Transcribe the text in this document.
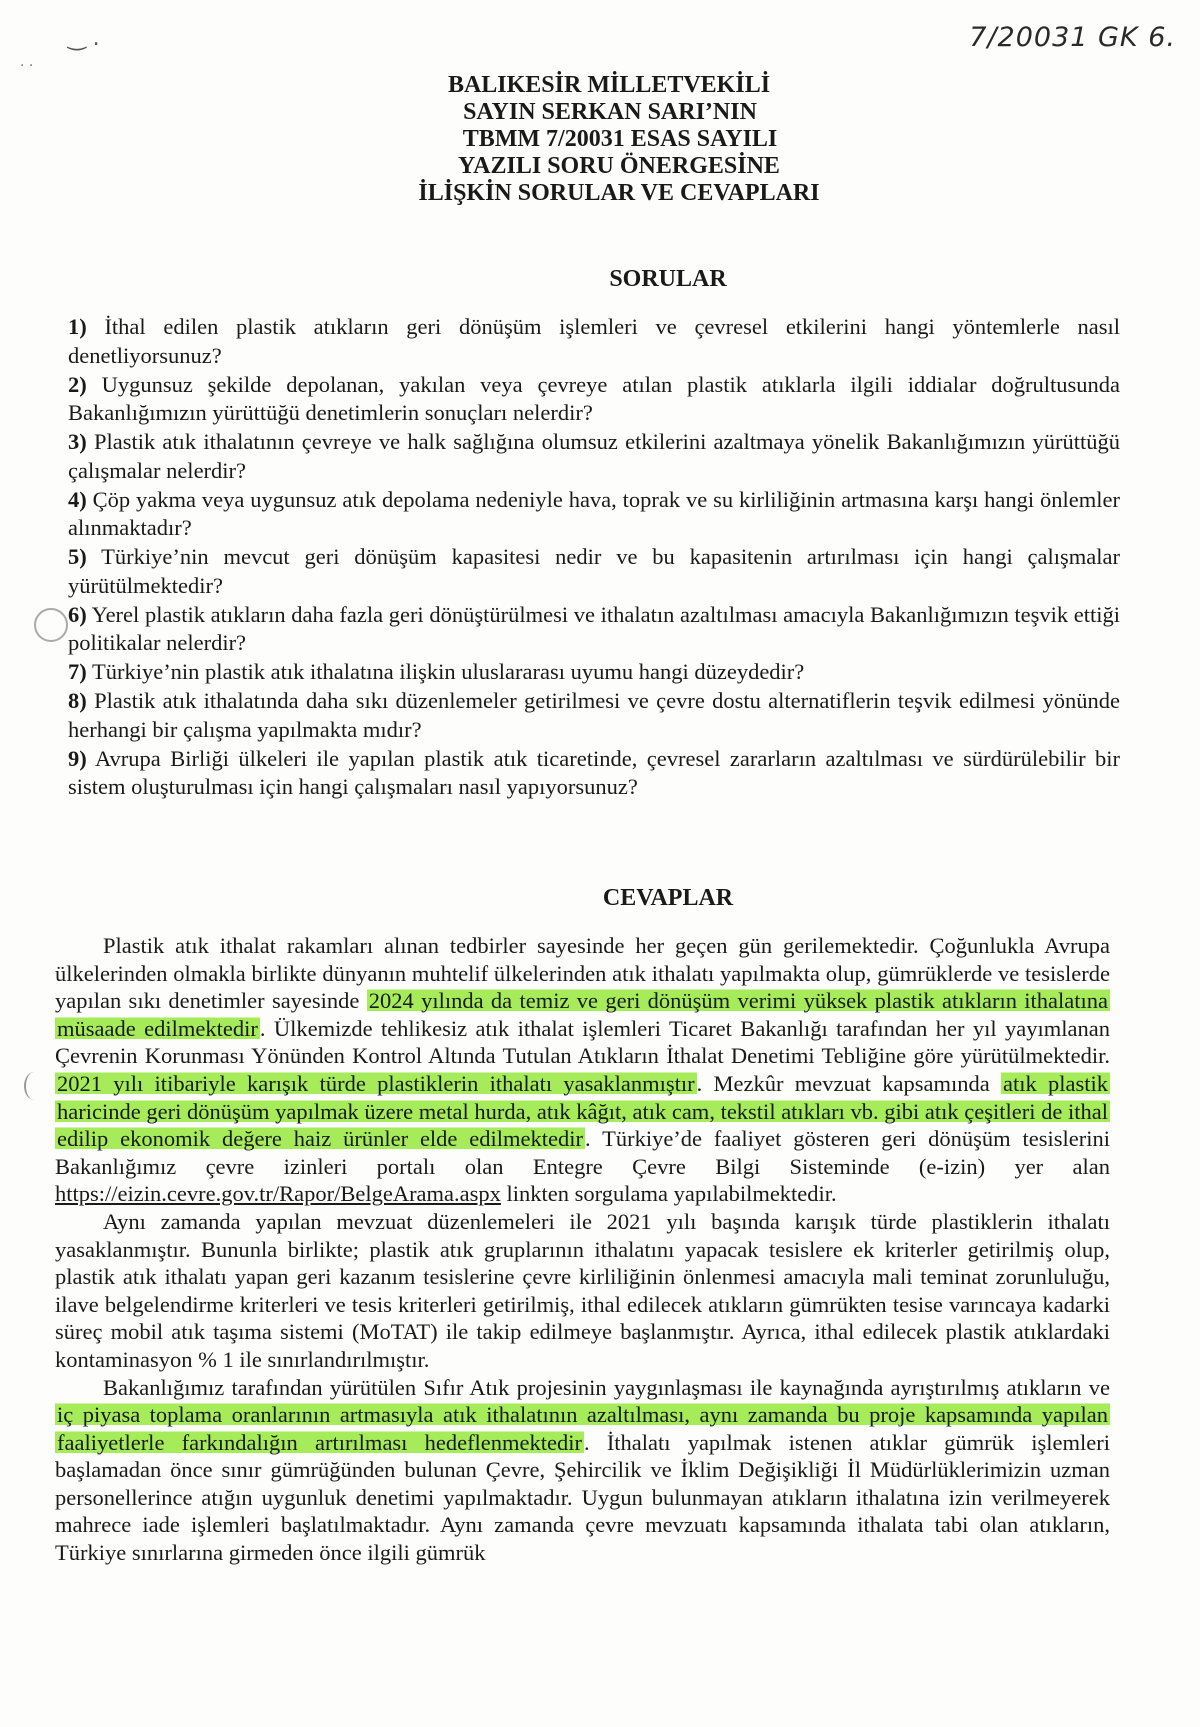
‿ .
· ·
7/20031 GK 6.
BALIKESİR MİLLETVEKİLİ
SAYIN SERKAN SARI’NIN
TBMM 7/20031 ESAS SAYILI
YAZILI SORU ÖNERGESİNE
İLİŞKİN SORULAR VE CEVAPLARI
SORULAR
1) İthal edilen plastik atıkların geri dönüşüm işlemleri ve çevresel etkilerini hangi yöntemlerle nasıl denetliyorsunuz?
2) Uygunsuz şekilde depolanan, yakılan veya çevreye atılan plastik atıklarla ilgili iddialar doğrultusunda Bakanlığımızın yürüttüğü denetimlerin sonuçları nelerdir?
3) Plastik atık ithalatının çevreye ve halk sağlığına olumsuz etkilerini azaltmaya yönelik Bakanlığımızın yürüttüğü çalışmalar nelerdir?
4) Çöp yakma veya uygunsuz atık depolama nedeniyle hava, toprak ve su kirliliğinin artmasına karşı hangi önlemler alınmaktadır?
5) Türkiye’nin mevcut geri dönüşüm kapasitesi nedir ve bu kapasitenin artırılması için hangi çalışmalar yürütülmektedir?
6) Yerel plastik atıkların daha fazla geri dönüştürülmesi ve ithalatın azaltılması amacıyla Bakanlığımızın teşvik ettiği politikalar nelerdir?
7) Türkiye’nin plastik atık ithalatına ilişkin uluslararası uyumu hangi düzeydedir?
8) Plastik atık ithalatında daha sıkı düzenlemeler getirilmesi ve çevre dostu alternatiflerin teşvik edilmesi yönünde herhangi bir çalışma yapılmakta mıdır?
9) Avrupa Birliği ülkeleri ile yapılan plastik atık ticaretinde, çevresel zararların azaltılması ve sürdürülebilir bir sistem oluşturulması için hangi çalışmaları nasıl yapıyorsunuz?
CEVAPLAR

Plastik atık ithalat rakamları alınan tedbirler sayesinde her geçen gün gerilemektedir. Çoğunlukla Avrupa ülkelerinden olmakla birlikte dünyanın muhtelif ülkelerinden atık ithalatı yapılmakta olup, gümrüklerde ve tesislerde yapılan sıkı denetimler sayesinde 2024 yılında da temiz ve geri dönüşüm verimi yüksek plastik atıkların ithalatına müsaade edilmektedir. Ülkemizde tehlikesiz atık ithalat işlemleri Ticaret Bakanlığı tarafından her yıl yayımlanan Çevrenin Korunması Yönünden Kontrol Altında Tutulan Atıkların İthalat Denetimi Tebliğine göre yürütülmektedir. 2021 yılı itibariyle karışık türde plastiklerin ithalatı yasaklanmıştır. Mezkûr mevzuat kapsamında atık plastik haricinde geri dönüşüm yapılmak üzere metal hurda, atık kâğıt, atık cam, tekstil atıkları vb. gibi atık çeşitleri de ithal edilip ekonomik değere haiz ürünler elde edilmektedir. Türkiye’de faaliyet gösteren geri dönüşüm tesislerini Bakanlığımız çevre izinleri portalı olan Entegre Çevre Bilgi Sisteminde (e-izin) yer alan https://eizin.cevre.gov.tr/Rapor/BelgeArama.aspx linkten sorgulama yapılabilmektedir.

Aynı zamanda yapılan mevzuat düzenlemeleri ile 2021 yılı başında karışık türde plastiklerin ithalatı yasaklanmıştır. Bununla birlikte; plastik atık gruplarının ithalatını yapacak tesislere ek kriterler getirilmiş olup, plastik atık ithalatı yapan geri kazanım tesislerine çevre kirliliğinin önlenmesi amacıyla mali teminat zorunluluğu, ilave belgelendirme kriterleri ve tesis kriterleri getirilmiş, ithal edilecek atıkların gümrükten tesise varıncaya kadarki süreç mobil atık taşıma sistemi (MoTAT) ile takip edilmeye başlanmıştır. Ayrıca, ithal edilecek plastik atıklardaki kontaminasyon % 1 ile sınırlandırılmıştır.

Bakanlığımız tarafından yürütülen Sıfır Atık projesinin yaygınlaşması ile kaynağında ayrıştırılmış atıkların ve iç piyasa toplama oranlarının artmasıyla atık ithalatının azaltılması, aynı zamanda bu proje kapsamında yapılan faaliyetlerle farkındalığın artırılması hedeflenmektedir. İthalatı yapılmak istenen atıklar gümrük işlemleri başlamadan önce sınır gümrüğünden bulunan Çevre, Şehircilik ve İklim Değişikliği İl Müdürlüklerimizin uzman personellerince atığın uygunluk denetimi yapılmaktadır. Uygun bulunmayan atıkların ithalatına izin verilmeyerek mahrece iade işlemleri başlatılmaktadır. Aynı zamanda çevre mevzuatı kapsamında ithalata tabi olan atıkların, Türkiye sınırlarına girmeden önce ilgili gümrük
